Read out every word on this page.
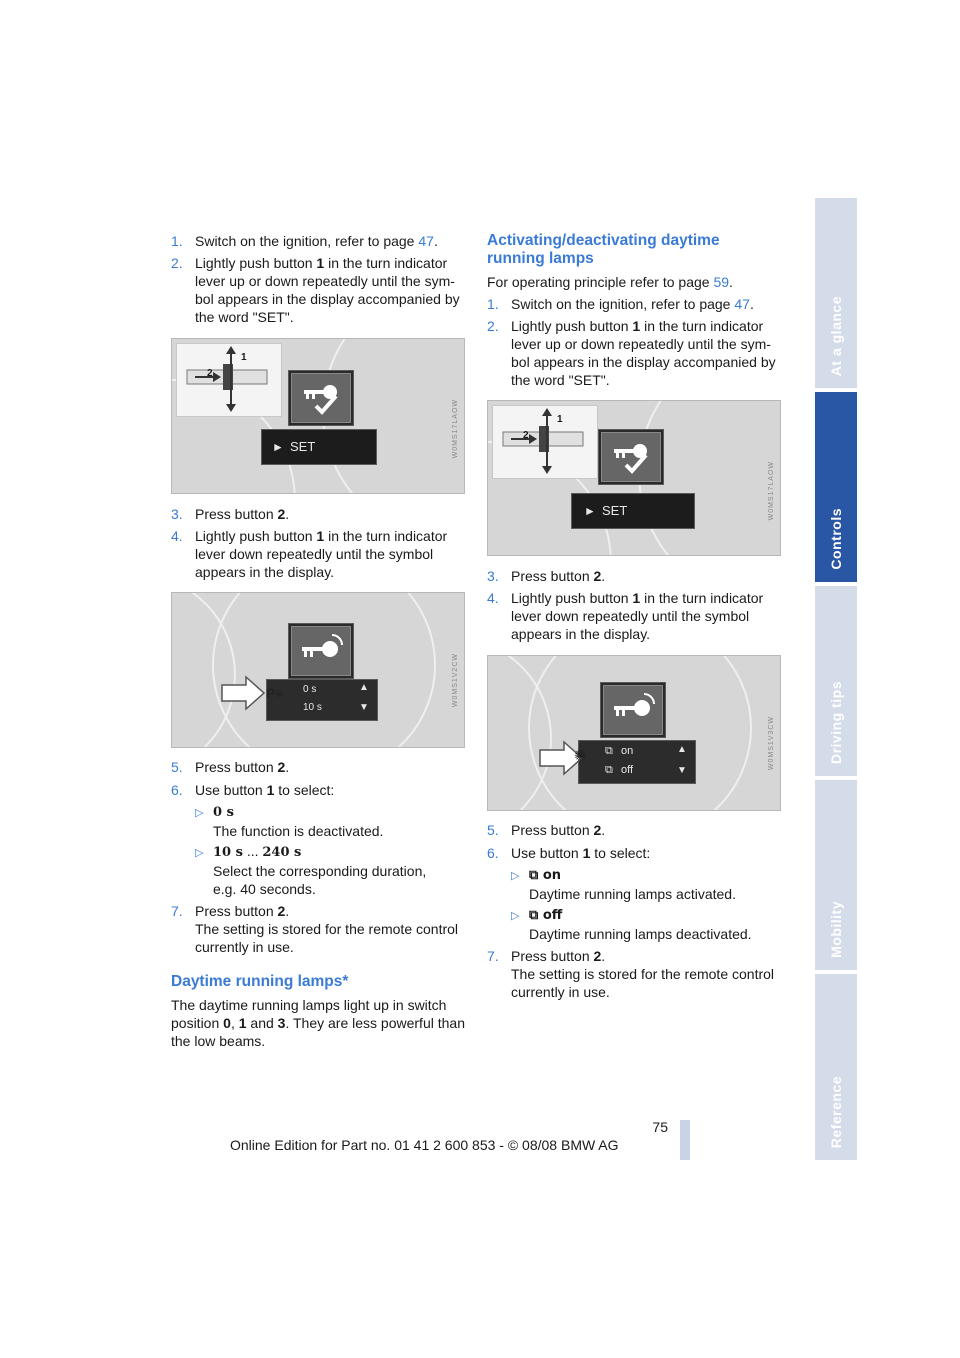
1. Switch on the ignition, refer to page 47.
2. Lightly push button 1 in the turn indicator lever up or down repeatedly until the sym-bol appears in the display accompanied by the word "SET".
1
2
► SET	W0MS17LAOW
3. Press button 2.
4. Lightly push button 1 in the turn indicator lever down repeatedly until the symbol appears in the display.
0 s
10 s
▲
▼
P≡	W0MS1V2CW
5. Press button 2.
6. Use button 1 to select:
▷ 0 s
The function is deactivated.
▷ 10 s ... 240 s
Select the corresponding duration, e.g. 40 seconds.
7. Press button 2.
The setting is stored for the remote control currently in use.
Daytime running lamps*
The daytime running lamps light up in switch position 0, 1 and 3. They are less powerful than the low beams.
Activating/deactivating daytime running lamps
For operating principle refer to page 59.
1. Switch on the ignition, refer to page 47.
2. Lightly push button 1 in the turn indicator lever up or down repeatedly until the sym-bol appears in the display accompanied by the word "SET".
1
2
► SET	W0MS17LAOW
3. Press button 2.
4. Lightly push button 1 in the turn indicator lever down repeatedly until the symbol appears in the display.
⧉ on
⧉ off
▲
▼
✺	W0MS1V3CW
5. Press button 2.
6. Use button 1 to select:
▷ ⧉ on
Daytime running lamps activated.
▷ ⧉ off
Daytime running lamps deactivated.
7. Press button 2.
The setting is stored for the remote control currently in use.
At a glance
Controls
Driving tips
Mobility
Reference
75
Online Edition for Part no. 01 41 2 600 853 - © 08/08 BMW AG
